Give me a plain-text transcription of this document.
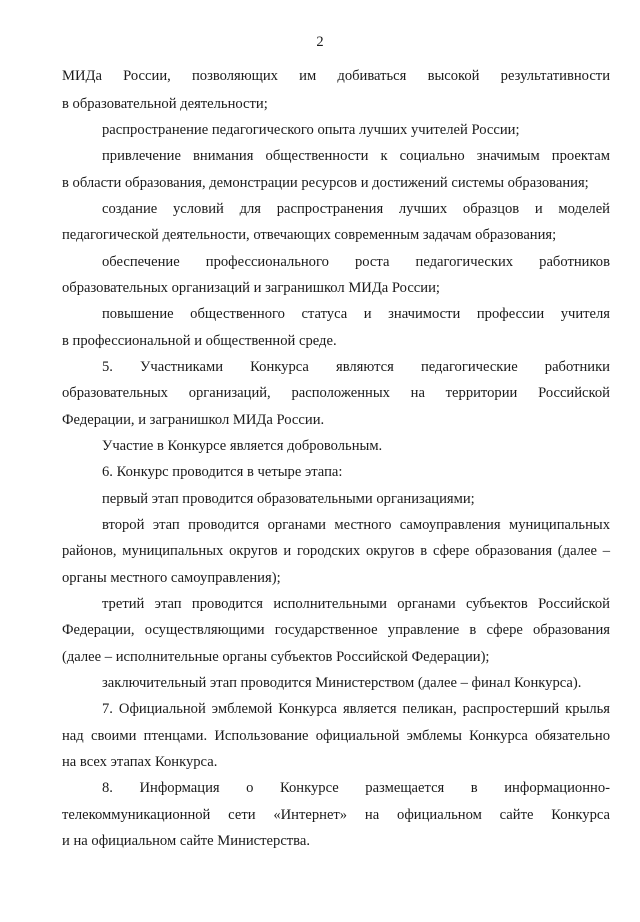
2
МИДа России, позволяющих им добиваться высокой результативности
в образовательной деятельности;
распространение педагогического опыта лучших учителей России;
привлечение внимания общественности к социально значимым проектам
в области образования, демонстрации ресурсов и достижений системы образования;
создание условий для распространения лучших образцов и моделей
педагогической деятельности, отвечающих современным задачам образования;
обеспечение профессионального роста педагогических работников
образовательных организаций и загранишкол МИДа России;
повышение общественного статуса и значимости профессии учителя
в профессиональной и общественной среде.
5. Участниками Конкурса являются педагогические работники
образовательных организаций, расположенных на территории Российской
Федерации, и загранишкол МИДа России.
Участие в Конкурсе является добровольным.
6. Конкурс проводится в четыре этапа:
первый этап проводится образовательными организациями;
второй этап проводится органами местного самоуправления муниципальных
районов, муниципальных округов и городских округов в сфере образования (далее –
органы местного самоуправления);
третий этап проводится исполнительными органами субъектов Российской
Федерации, осуществляющими государственное управление в сфере образования
(далее – исполнительные органы субъектов Российской Федерации);
заключительный этап проводится Министерством (далее – финал Конкурса).
7. Официальной эмблемой Конкурса является пеликан, распростерший крылья
над своими птенцами. Использование официальной эмблемы Конкурса обязательно
на всех этапах Конкурса.
8. Информация о Конкурсе размещается в информационно-
телекоммуникационной сети «Интернет» на официальном сайте Конкурса
и на официальном сайте Министерства.
